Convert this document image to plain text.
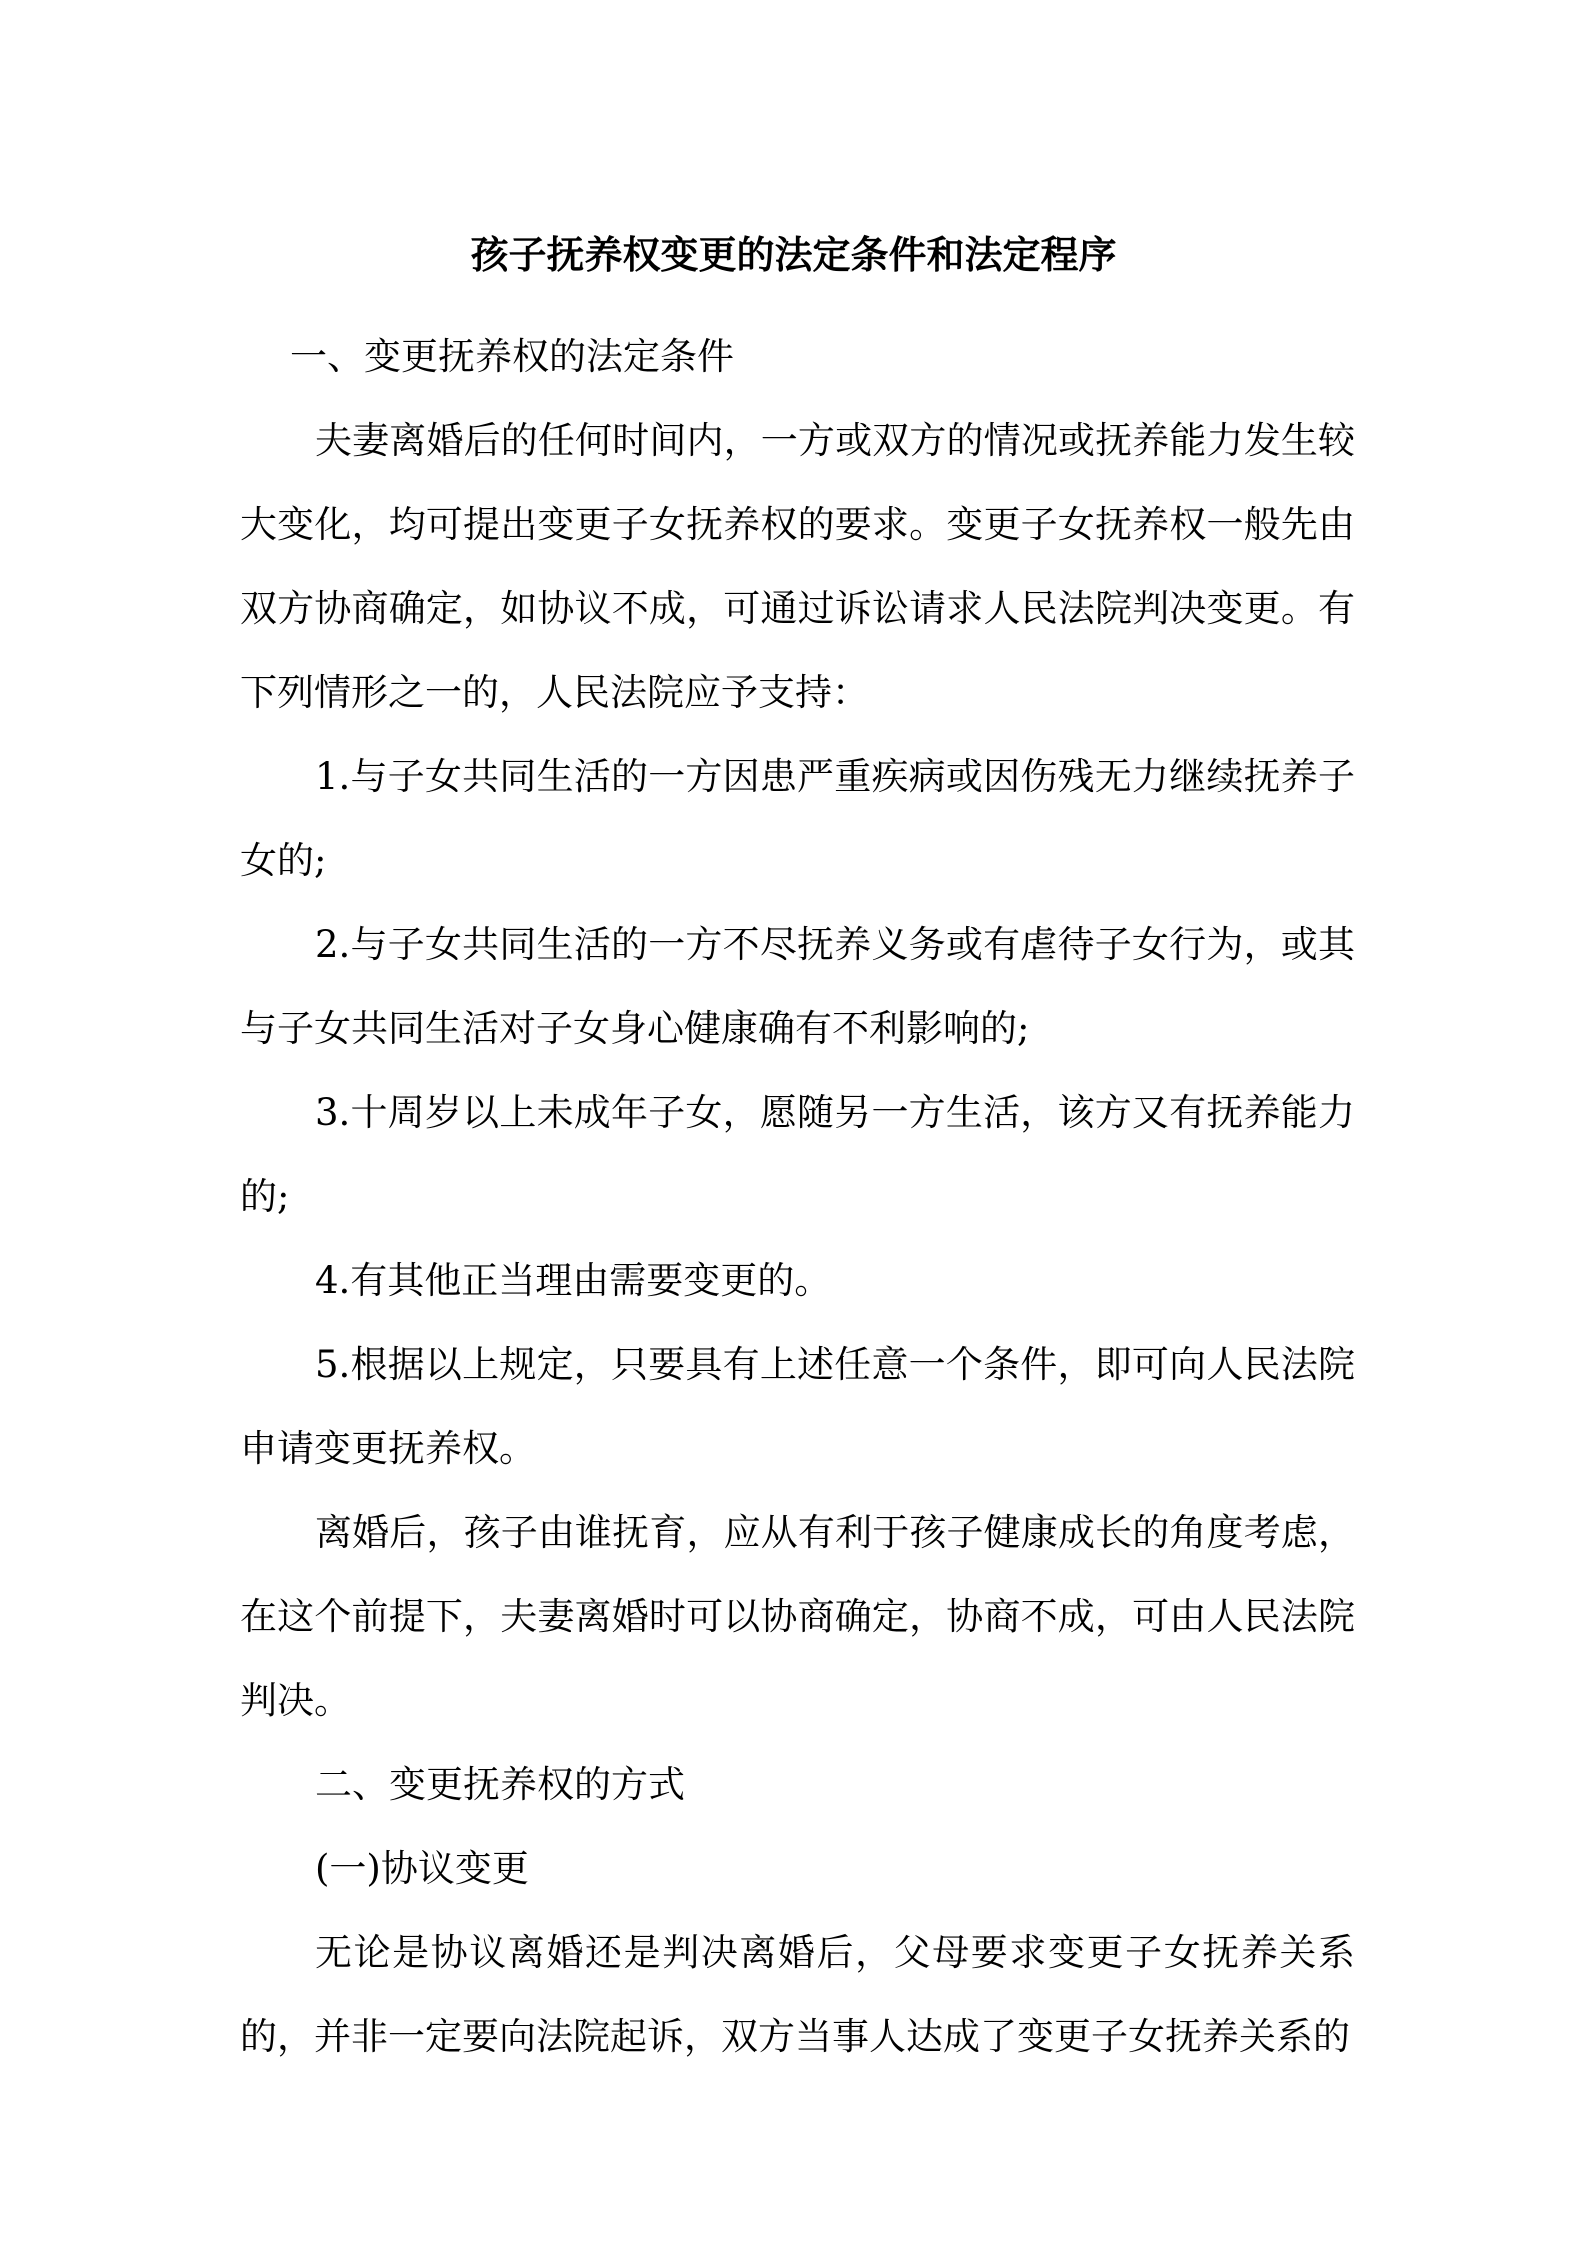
孩子抚养权变更的法定条件和法定程序

一、变更抚养权的法定条件

夫妻离婚后的任何时间内，一方或双方的情况或抚养能力发生较大变化，均可提出变更子女抚养权的要求。变更子女抚养权一般先由双方协商确定，如协议不成，可通过诉讼请求人民法院判决变更。有下列情形之一的，人民法院应予支持：

1.与子女共同生活的一方因患严重疾病或因伤残无力继续抚养子女的;

2.与子女共同生活的一方不尽抚养义务或有虐待子女行为，或其与子女共同生活对子女身心健康确有不利影响的;

3.十周岁以上未成年子女，愿随另一方生活，该方又有抚养能力的;

4.有其他正当理由需要变更的。

5.根据以上规定，只要具有上述任意一个条件，即可向人民法院申请变更抚养权。

离婚后，孩子由谁抚育，应从有利于孩子健康成长的角度考虑，在这个前提下，夫妻离婚时可以协商确定，协商不成，可由人民法院判决。

二、变更抚养权的方式

(一)协议变更

无论是协议离婚还是判决离婚后，父母要求变更子女抚养关系的，并非一定要向法院起诉，双方当事人达成了变更子女抚养关系的
